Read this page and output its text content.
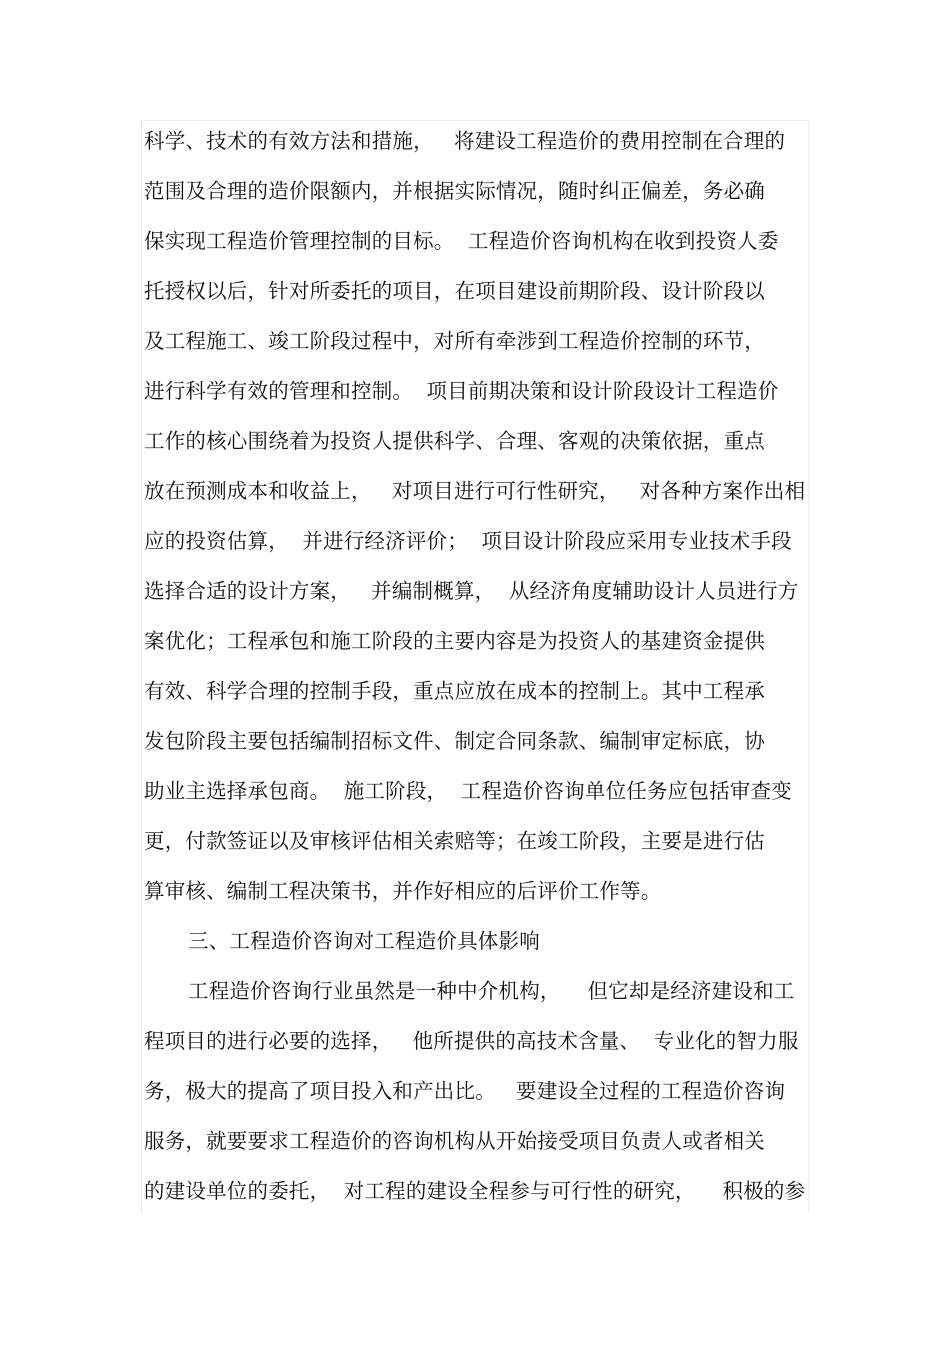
科学、技术的有效方法和措施，   将建设工程造价的费用控制在合理的
范围及合理的造价限额内，并根据实际情况，随时纠正偏差，务必确
保实现工程造价管理控制的目标。  工程造价咨询机构在收到投资人委
托授权以后，针对所委托的项目，在项目建设前期阶段、设计阶段以
及工程施工、竣工阶段过程中，对所有牵涉到工程造价控制的环节，
进行科学有效的管理和控制。  项目前期决策和设计阶段设计工程造价
工作的核心围绕着为投资人提供科学、合理、客观的决策依据，重点
放在预测成本和收益上，   对项目进行可行性研究，   对各种方案作出相
应的投资估算，  并进行经济评价；  项目设计阶段应采用专业技术手段
选择合适的设计方案，   并编制概算，  从经济角度辅助设计人员进行方
案优化；工程承包和施工阶段的主要内容是为投资人的基建资金提供
有效、科学合理的控制手段，重点应放在成本的控制上。其中工程承
发包阶段主要包括编制招标文件、制定合同条款、编制审定标底，协
助业主选择承包商。  施工阶段，  工程造价咨询单位任务应包括审查变
更，付款签证以及审核评估相关索赔等；在竣工阶段，主要是进行估
算审核、编制工程决策书，并作好相应的后评价工作等。
三、工程造价咨询对工程造价具体影响
工程造价咨询行业虽然是一种中介机构，    但它却是经济建设和工
程项目的进行必要的选择，   他所提供的高技术含量、  专业化的智力服
务，极大的提高了项目投入和产出比。   要建设全过程的工程造价咨询
服务，就要要求工程造价的咨询机构从开始接受项目负责人或者相关
的建设单位的委托，  对工程的建设全程参与可行性的研究，    积极的参
